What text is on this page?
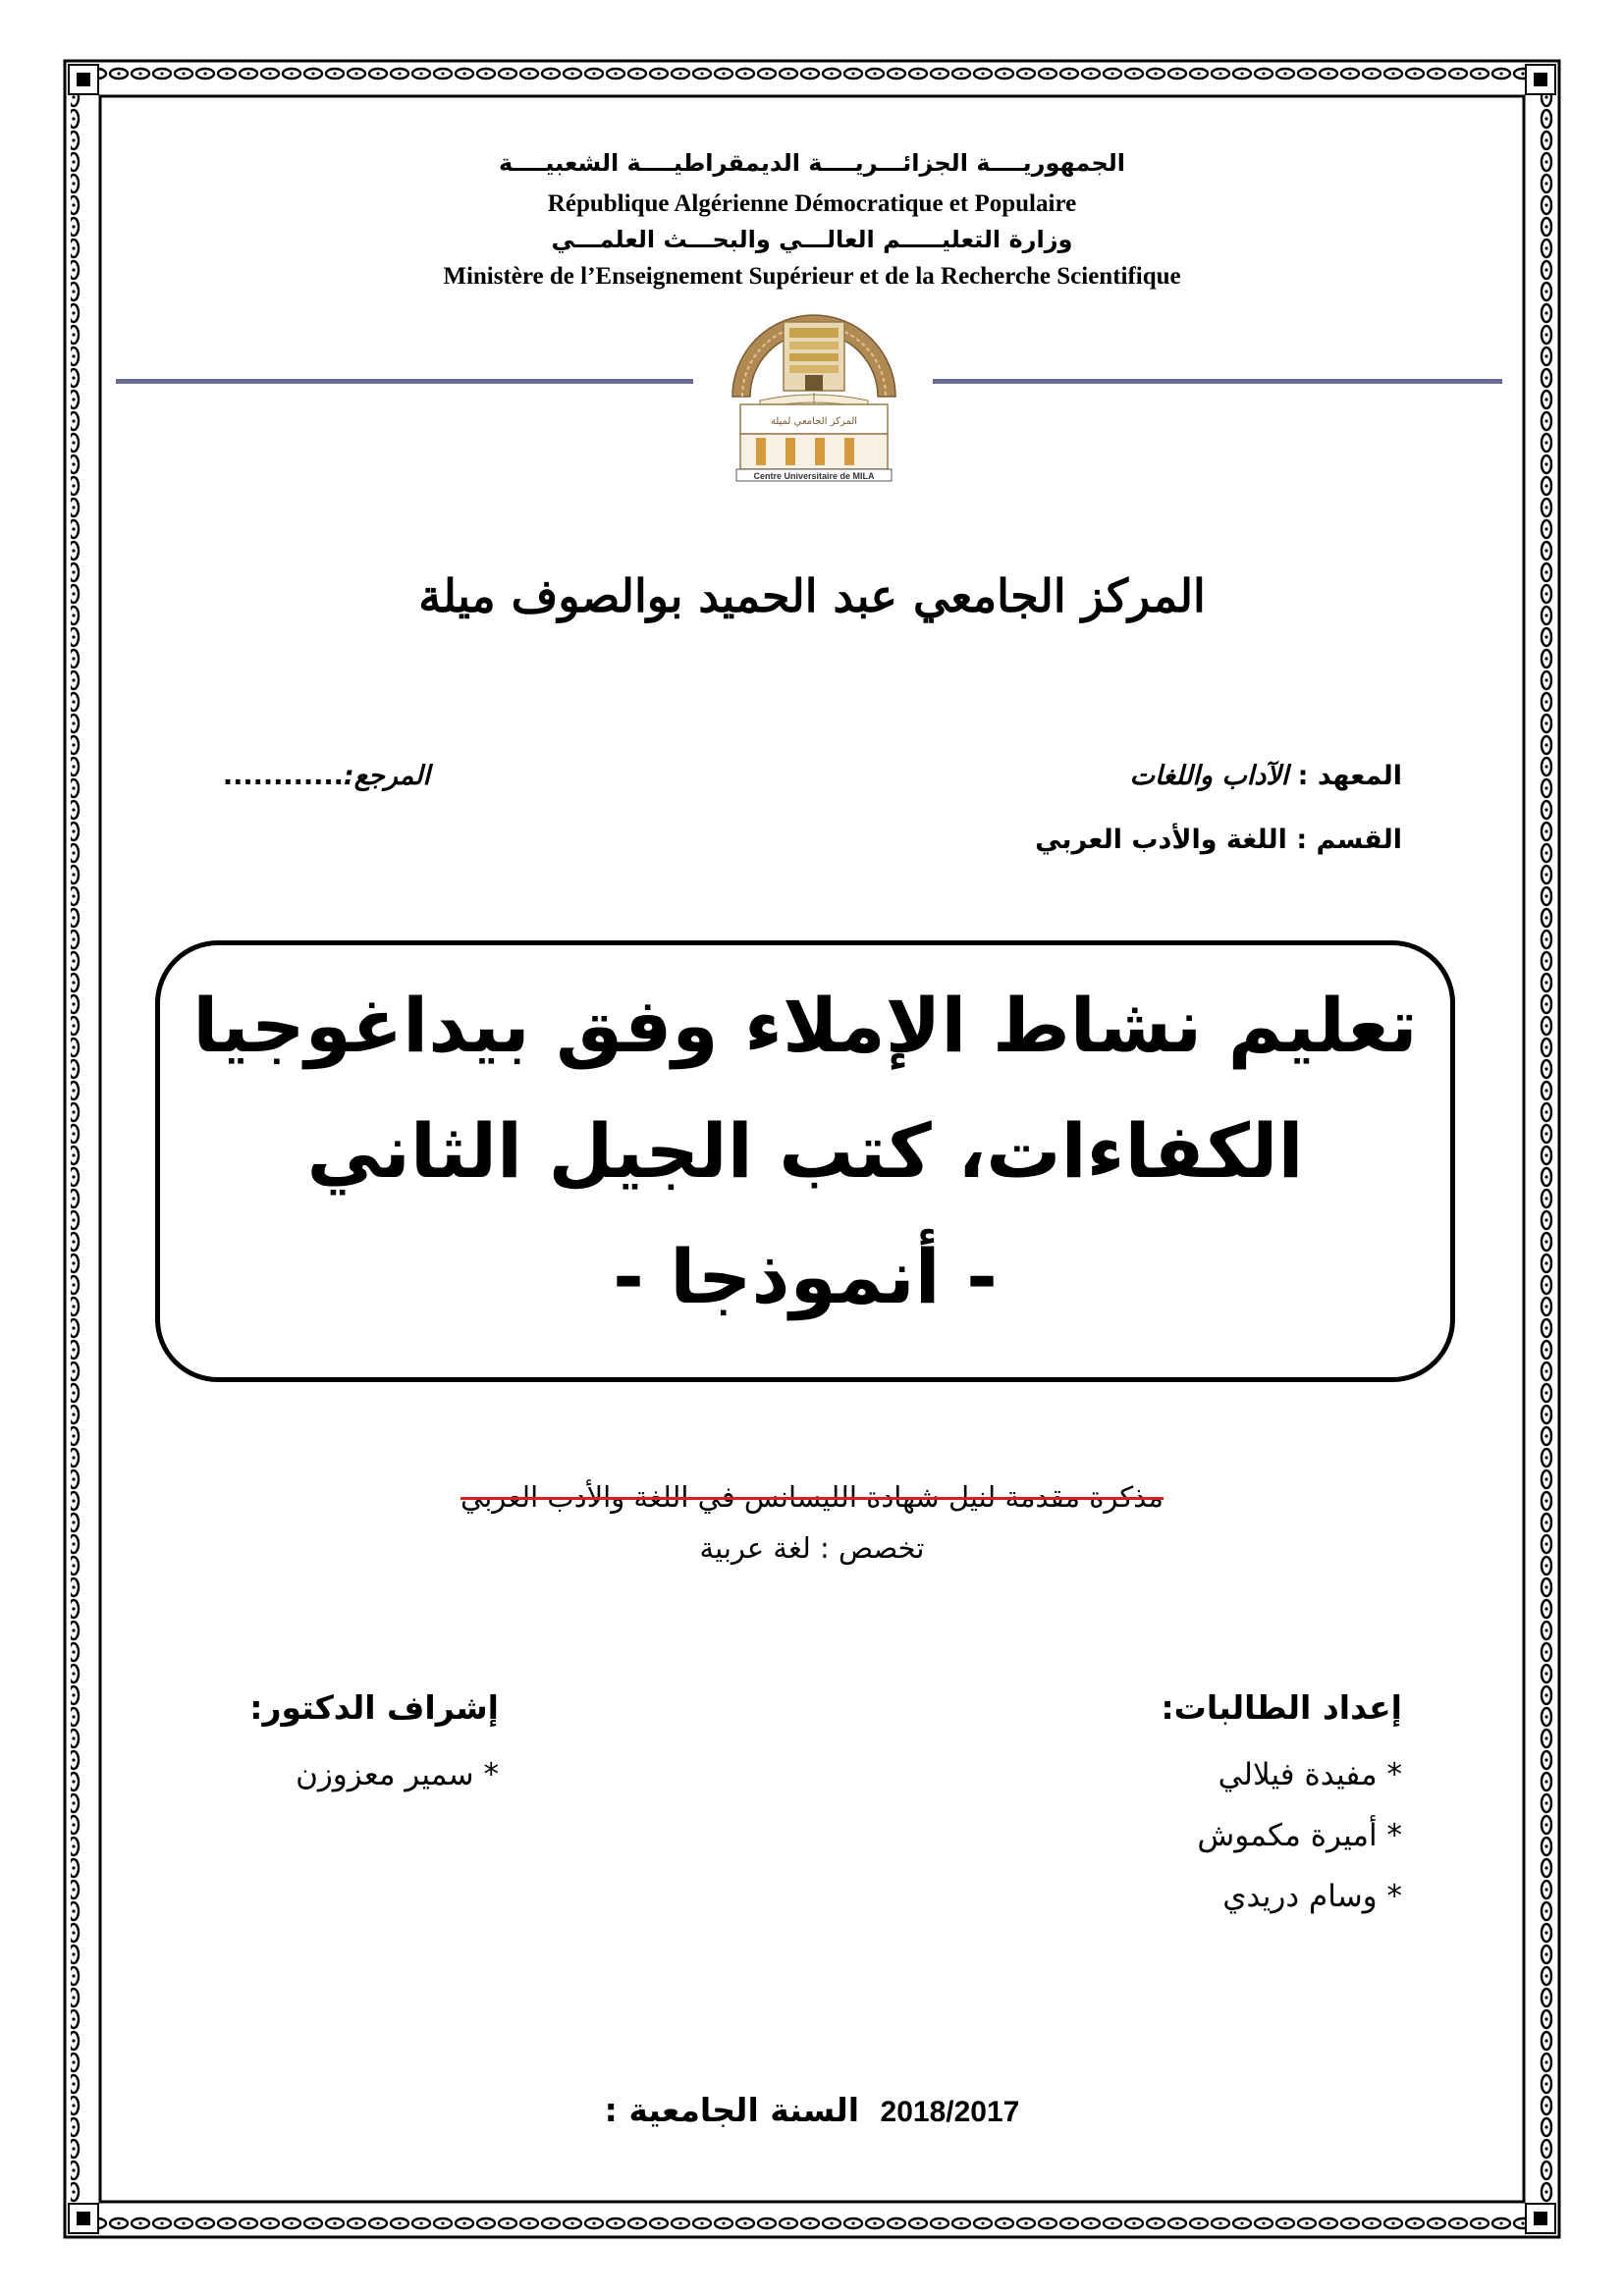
الجمهوريــــة الجزائـــريــــة الديمقراطيــــة الشعبيــــة
République Algérienne Démocratique et Populaire
وزارة التعليـــــم العالـــي والبحـــث العلمـــي
Ministère de l’Enseignement Supérieur et de la Recherche Scientifique
المركز الجامعي لميلة
Centre Universitaire de MILA
المركز الجامعي عبد الحميد بوالصوف ميلة
المعهد : الآداب واللغات
القسم : اللغة والأدب العربي
المرجع:............
تعليم نشاط الإملاء وفق بيداغوجيا
الكفاءات، كتب الجيل الثاني
- أنموذجا -
مذكرة مقدمة لنيل شهادة الليسانس في اللغة والأدب العربي
تخصص : لغة عربية
إعداد الطالبات:
* مفيدة فيلالي
* أميرة مكموش
* وسام دريدي
إشراف الدكتور:
* سمير معزوزن
السنة الجامعية : 2018/2017
